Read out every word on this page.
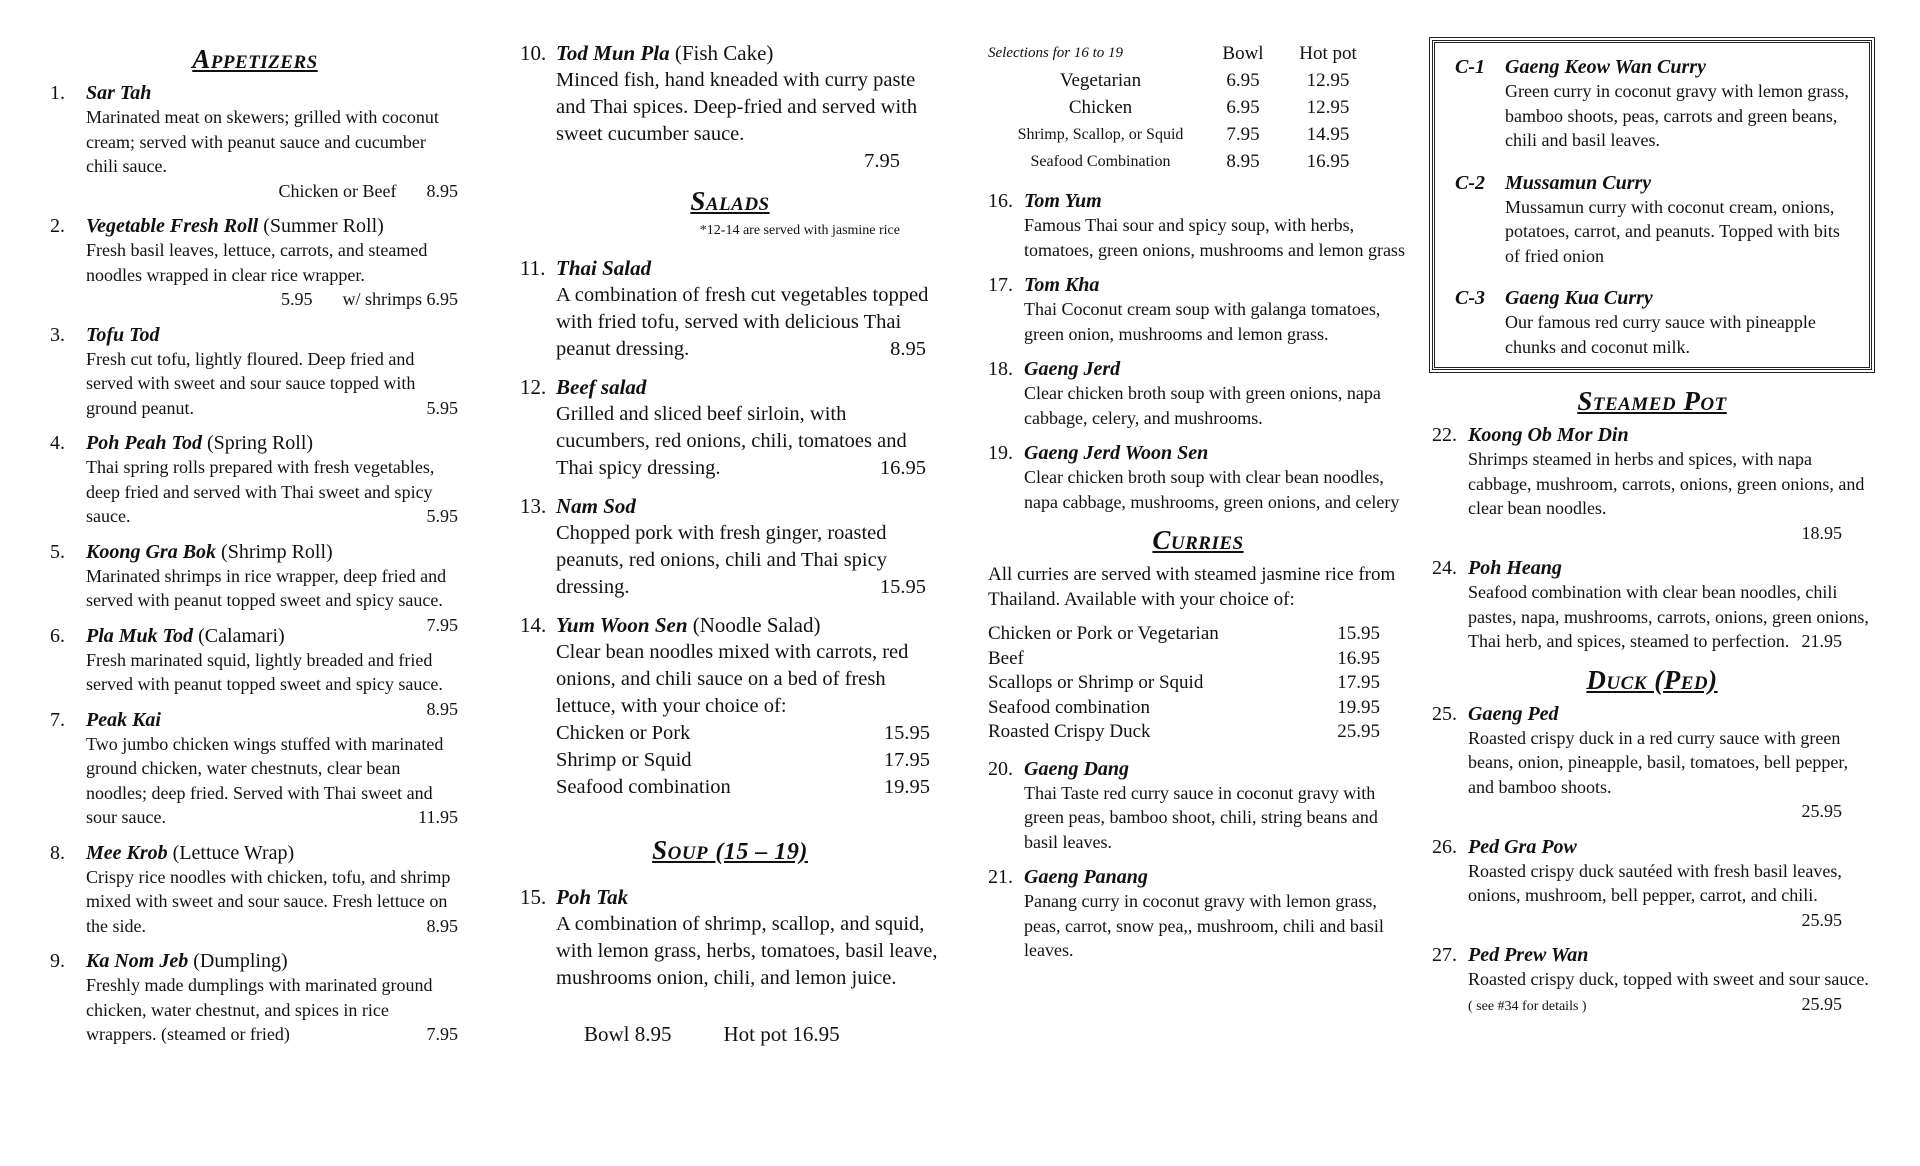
Appetizers
1. Sar Tah
Marinated meat on skewers; grilled with coconut cream; served with peanut sauce and cucumber chili sauce.
Chicken or Beef 8.95
2. Vegetable Fresh Roll (Summer Roll)
Fresh basil leaves, lettuce, carrots, and steamed noodles wrapped in clear rice wrapper.
5.95 w/ shrimps 6.95
3. Tofu Tod
Fresh cut tofu, lightly floured. Deep fried and served with sweet and sour sauce topped with ground peanut.	5.95
4. Poh Peah Tod (Spring Roll)
Thai spring rolls prepared with fresh vegetables, deep fried and served with Thai sweet and spicy sauce.	5.95
5. Koong Gra Bok (Shrimp Roll)
Marinated shrimps in rice wrapper, deep fried and served with peanut topped sweet and spicy sauce.
7.95
6. Pla Muk Tod (Calamari)
Fresh marinated squid, lightly breaded and fried served with peanut topped sweet and spicy sauce.
8.95
7. Peak Kai
Two jumbo chicken wings stuffed with marinated ground chicken, water chestnuts, clear bean noodles; deep fried. Served with Thai sweet and sour sauce.	11.95
8. Mee Krob (Lettuce Wrap)
Crispy rice noodles with chicken, tofu, and shrimp mixed with sweet and sour sauce. Fresh lettuce on the side.	8.95
9. Ka Nom Jeb (Dumpling)
Freshly made dumplings with marinated ground chicken, water chestnut, and spices in rice wrappers. (steamed or fried)	7.95
10. Tod Mun Pla (Fish Cake)
Minced fish, hand kneaded with curry paste and Thai spices. Deep-fried and served with sweet cucumber sauce.
7.95
Salads
*12-14 are served with jasmine rice
11. Thai Salad
A combination of fresh cut vegetables topped with fried tofu, served with delicious Thai peanut dressing.	8.95
12. Beef salad
Grilled and sliced beef sirloin, with cucumbers, red onions, chili, tomatoes and Thai spicy dressing.	16.95
13. Nam Sod
Chopped pork with fresh ginger, roasted peanuts, red onions, chili and Thai spicy dressing.	15.95
14. Yum Woon Sen (Noodle Salad)
Clear bean noodles mixed with carrots, red onions, and chili sauce on a bed of fresh lettuce, with your choice of:
Chicken or Pork	15.95
Shrimp or Squid	17.95
Seafood combination	19.95
Soup (15 – 19)
15. Poh Tak
A combination of shrimp, scallop, and squid, with lemon grass, herbs, tomatoes, basil leave, mushrooms onion, chili, and lemon juice.
Bowl 8.95 Hot pot 16.95
Selections for 16 to 19	Bowl	Hot pot
Vegetarian	6.95	12.95
Chicken	6.95	12.95
Shrimp, Scallop, or Squid	7.95	14.95
Seafood Combination	8.95	16.95
16. Tom Yum
Famous Thai sour and spicy soup, with herbs, tomatoes, green onions, mushrooms and lemon grass
17. Tom Kha
Thai Coconut cream soup with galanga tomatoes, green onion, mushrooms and lemon grass.
18. Gaeng Jerd
Clear chicken broth soup with green onions, napa cabbage, celery, and mushrooms.
19. Gaeng Jerd Woon Sen
Clear chicken broth soup with clear bean noodles, napa cabbage, mushrooms, green onions, and celery
Curries
All curries are served with steamed jasmine rice from Thailand. Available with your choice of:
Chicken or Pork or Vegetarian	15.95
Beef	16.95
Scallops or Shrimp or Squid	17.95
Seafood combination	19.95
Roasted Crispy Duck	25.95
20. Gaeng Dang
Thai Taste red curry sauce in coconut gravy with green peas, bamboo shoot, chili, string beans and basil leaves.
21. Gaeng Panang
Panang curry in coconut gravy with lemon grass, peas, carrot, snow pea,, mushroom, chili and basil leaves.
C-1 Gaeng Keow Wan Curry
Green curry in coconut gravy with lemon grass, bamboo shoots, peas, carrots and green beans, chili and basil leaves.
C-2 Mussamun Curry
Mussamun curry with coconut cream, onions, potatoes, carrot, and peanuts. Topped with bits of fried onion
C-3 Gaeng Kua Curry
Our famous red curry sauce with pineapple chunks and coconut milk.
Steamed Pot
22. Koong Ob Mor Din
Shrimps steamed in herbs and spices, with napa cabbage, mushroom, carrots, onions, green onions, and clear bean noodles.
18.95
24. Poh Heang
Seafood combination with clear bean noodles, chili pastes, napa, mushrooms, carrots, onions, green onions, Thai herb, and spices, steamed to perfection. 21.95
Duck (Ped)
25. Gaeng Ped
Roasted crispy duck in a red curry sauce with green beans, onion, pineapple, basil, tomatoes, bell pepper, and bamboo shoots.
25.95
26. Ped Gra Pow
Roasted crispy duck sautéed with fresh basil leaves, onions, mushroom, bell pepper, carrot, and chili.
25.95
27. Ped Prew Wan
Roasted crispy duck, topped with sweet and sour sauce. ( see #34 for details )	25.95
